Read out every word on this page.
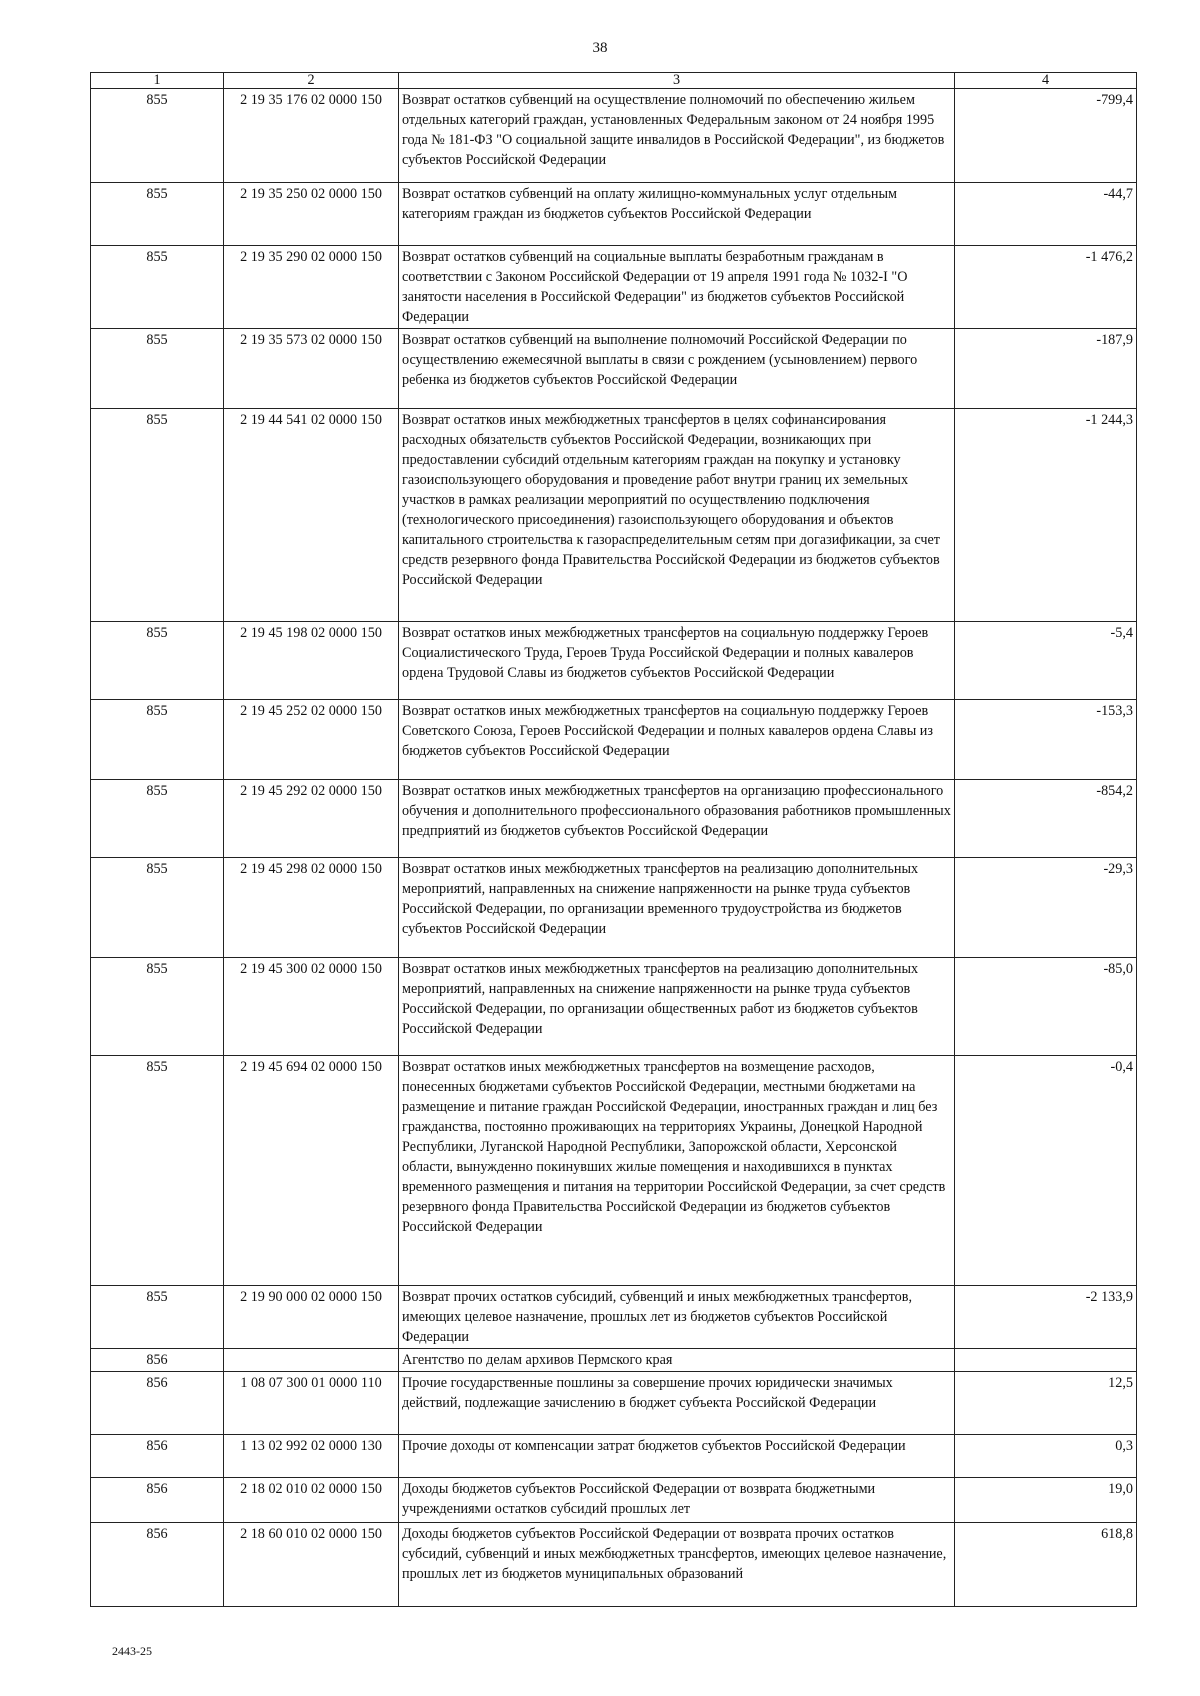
38
1	2	3	4
855	2 19 35 176 02 0000 150	Возврат остатков субвенций на осуществление полномочий по обеспечению жильем отдельных категорий граждан, установленных Федеральным законом от 24 ноября 1995 года № 181-ФЗ "О социальной защите инвалидов в Российской Федерации", из бюджетов субъектов Российской Федерации	-799,4
855	2 19 35 250 02 0000 150	Возврат остатков субвенций на оплату жилищно-коммунальных услуг отдельным категориям граждан из бюджетов субъектов Российской Федерации	-44,7
855	2 19 35 290 02 0000 150	Возврат остатков субвенций на социальные выплаты безработным гражданам в соответствии с Законом Российской Федерации от 19 апреля 1991 года № 1032-I "О занятости населения в Российской Федерации" из бюджетов субъектов Российской Федерации	-1 476,2
855	2 19 35 573 02 0000 150	Возврат остатков субвенций на выполнение полномочий Российской Федерации по осуществлению ежемесячной выплаты в связи с рождением (усыновлением) первого ребенка из бюджетов субъектов Российской Федерации	-187,9
855	2 19 44 541 02 0000 150	Возврат остатков иных межбюджетных трансфертов в целях софинансирования расходных обязательств субъектов Российской Федерации, возникающих при предоставлении субсидий отдельным категориям граждан на покупку и установку газоиспользующего оборудования и проведение работ внутри границ их земельных участков в рамках реализации мероприятий по осуществлению подключения (технологического присоединения) газоиспользующего оборудования и объектов капитального строительства к газораспределительным сетям при догазификации, за счет средств резервного фонда Правительства Российской Федерации из бюджетов субъектов Российской Федерации	-1 244,3
855	2 19 45 198 02 0000 150	Возврат остатков иных межбюджетных трансфертов на социальную поддержку Героев Социалистического Труда, Героев Труда Российской Федерации и полных кавалеров ордена Трудовой Славы из бюджетов субъектов Российской Федерации	-5,4
855	2 19 45 252 02 0000 150	Возврат остатков иных межбюджетных трансфертов на социальную поддержку Героев Советского Союза, Героев Российской Федерации и полных кавалеров ордена Славы из бюджетов субъектов Российской Федерации	-153,3
855	2 19 45 292 02 0000 150	Возврат остатков иных межбюджетных трансфертов на организацию профессионального обучения и дополнительного профессионального образования работников промышленных предприятий из бюджетов субъектов Российской Федерации	-854,2
855	2 19 45 298 02 0000 150	Возврат остатков иных межбюджетных трансфертов на реализацию дополнительных мероприятий, направленных на снижение напряженности на рынке труда субъектов Российской Федерации, по организации временного трудоустройства из бюджетов субъектов Российской Федерации	-29,3
855	2 19 45 300 02 0000 150	Возврат остатков иных межбюджетных трансфертов на реализацию дополнительных мероприятий, направленных на снижение напряженности на рынке труда субъектов Российской Федерации, по организации общественных работ из бюджетов субъектов Российской Федерации	-85,0
855	2 19 45 694 02 0000 150	Возврат остатков иных межбюджетных трансфертов на возмещение расходов, понесенных бюджетами субъектов Российской Федерации, местными бюджетами на размещение и питание граждан Российской Федерации, иностранных граждан и лиц без гражданства, постоянно проживающих на территориях Украины, Донецкой Народной Республики, Луганской Народной Республики, Запорожской области, Херсонской области, вынужденно покинувших жилые помещения и находившихся в пунктах временного размещения и питания на территории Российской Федерации, за счет средств резервного фонда Правительства Российской Федерации из бюджетов субъектов Российской Федерации	-0,4
855	2 19 90 000 02 0000 150	Возврат прочих остатков субсидий, субвенций и иных межбюджетных трансфертов, имеющих целевое назначение, прошлых лет из бюджетов субъектов Российской Федерации	-2 133,9
856		Агентство по делам архивов Пермского края	
856	1 08 07 300 01 0000 110	Прочие государственные пошлины за совершение прочих юридически значимых действий, подлежащие зачислению в бюджет субъекта Российской Федерации	12,5
856	1 13 02 992 02 0000 130	Прочие доходы от компенсации затрат бюджетов субъектов Российской Федерации	0,3
856	2 18 02 010 02 0000 150	Доходы бюджетов субъектов Российской Федерации от возврата бюджетными учреждениями остатков субсидий прошлых лет	19,0
856	2 18 60 010 02 0000 150	Доходы бюджетов субъектов Российской Федерации от возврата прочих остатков субсидий, субвенций и иных межбюджетных трансфертов, имеющих целевое назначение, прошлых лет из бюджетов муниципальных образований	618,8
2443-25
